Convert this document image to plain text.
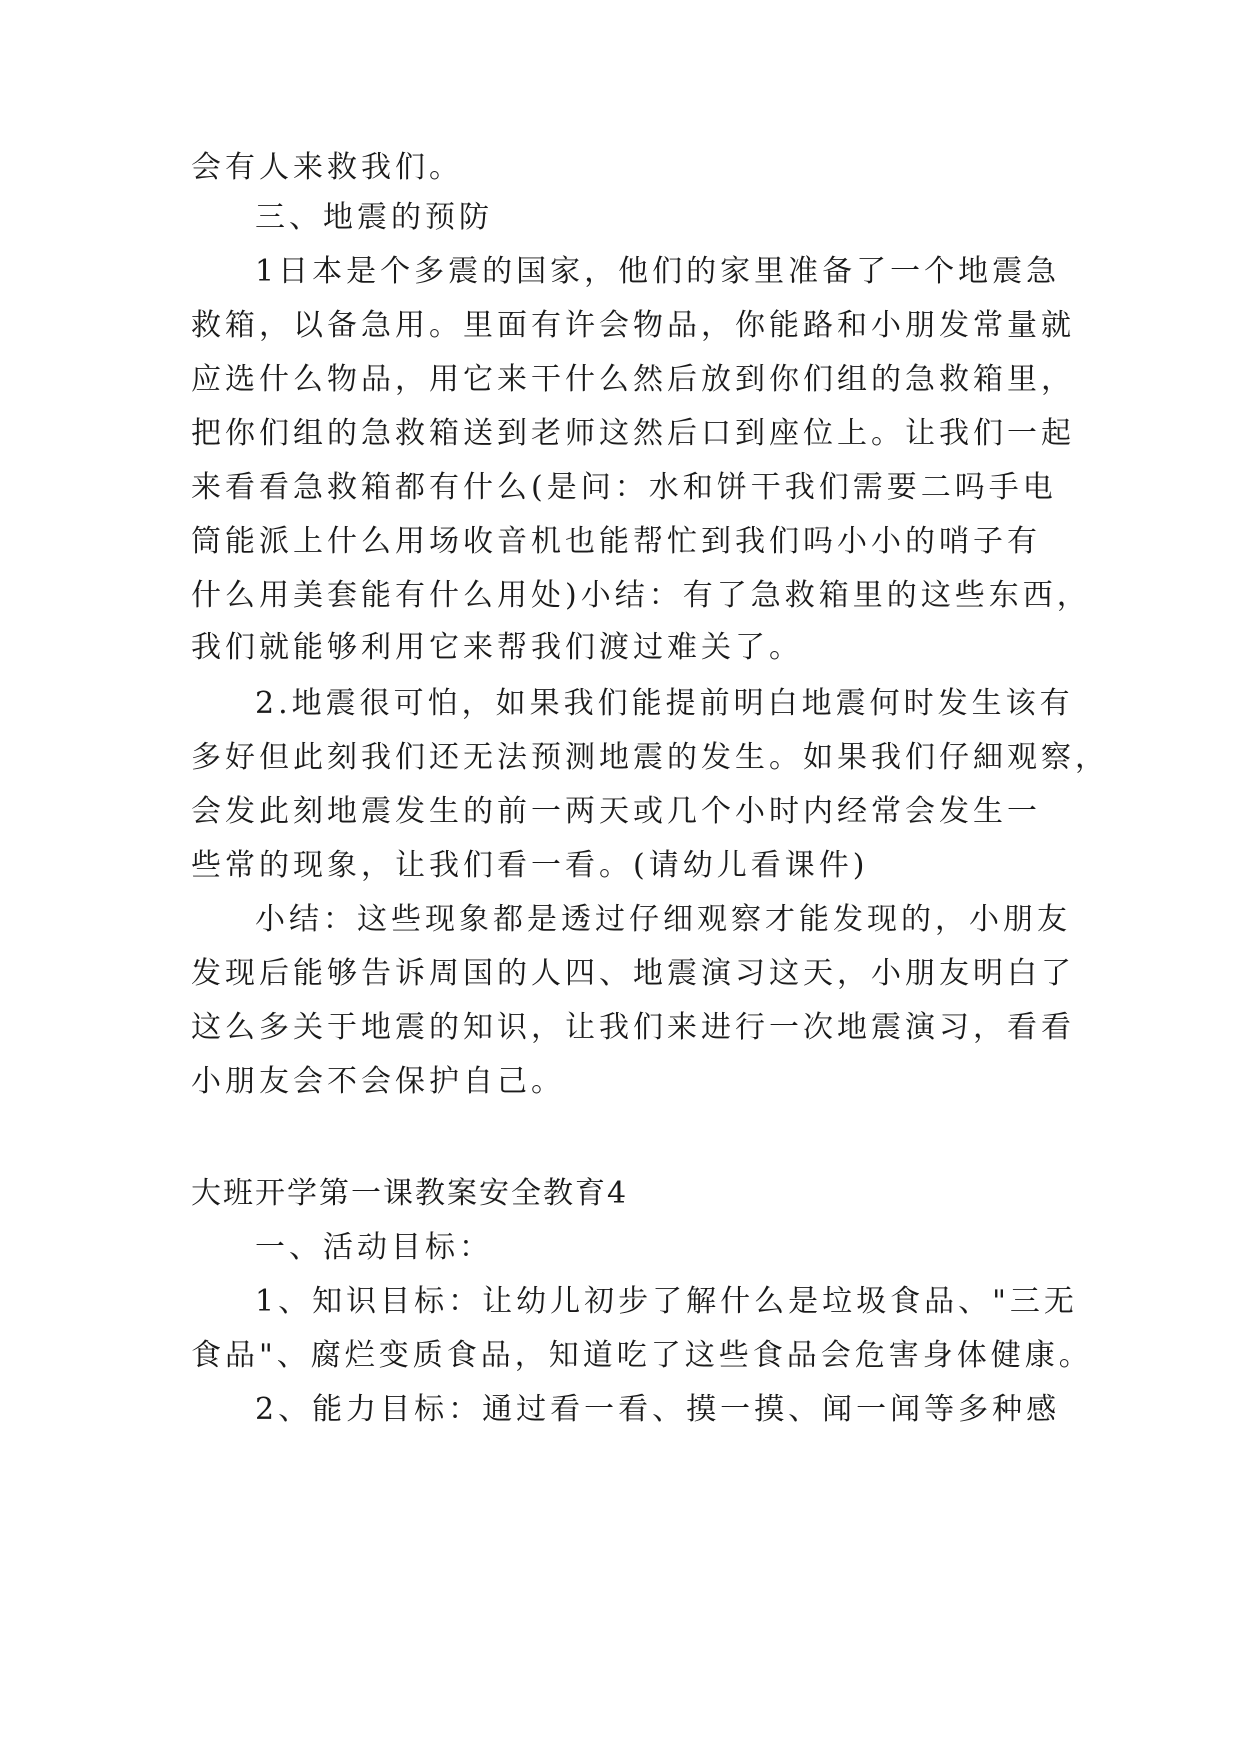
会有人来救我们。
三、地震的预防
1日本是个多震的国家，他们的家里准备了一个地震急
救箱，以备急用。里面有许会物品，你能路和小朋发常量就
应选什么物品，用它来干什么然后放到你们组的急救箱里，
把你们组的急救箱送到老师这然后口到座位上。让我们一起
来看看急救箱都有什么(是问：水和饼干我们需要二吗手电
筒能派上什么用场收音机也能帮忙到我们吗小小的哨子有
什么用美套能有什么用处)小结：有了急救箱里的这些东西，
我们就能够利用它来帮我们渡过难关了。
2.地震很可怕，如果我们能提前明白地震何时发生该有
多好但此刻我们还无法预测地震的发生。如果我们仔細观察，
会发此刻地震发生的前一两天或几个小时内经常会发生一
些常的现象，让我们看一看。(请幼儿看课件)
小结：这些现象都是透过仔细观察才能发现的，小朋友
发现后能够告诉周国的人四、地震演习这天，小朋友明白了
这么多关于地震的知识，让我们来进行一次地震演习，看看
小朋友会不会保护自己。
大班开学第一课教案安全教育4
一、活动目标：
1、知识目标：让幼儿初步了解什么是垃圾食品、"三无
食品"、腐烂变质食品，知道吃了这些食品会危害身体健康。
2、能力目标：通过看一看、摸一摸、闻一闻等多种感
